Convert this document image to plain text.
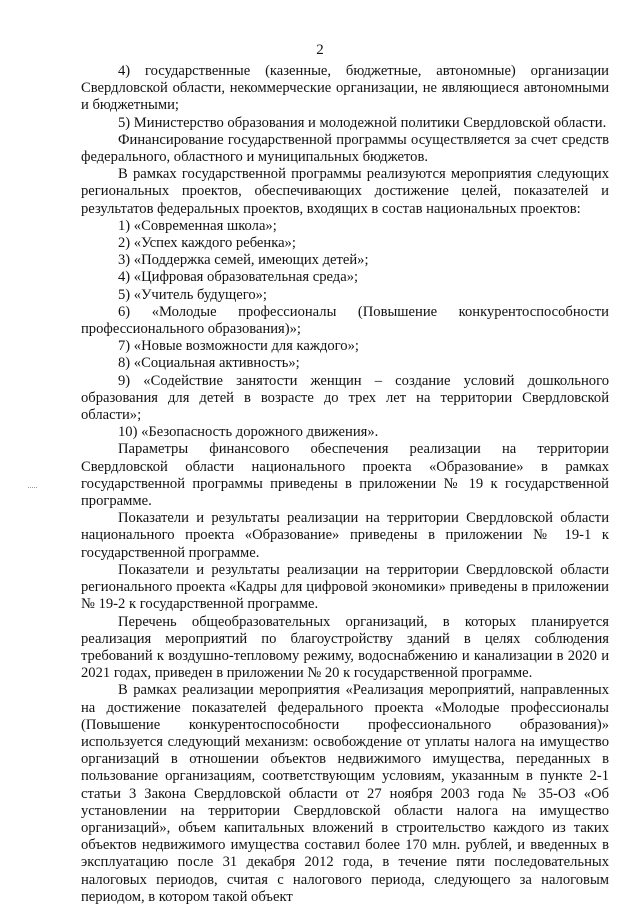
2

4) государственные (казенные, бюджетные, автономные) организации Свердловской области, некоммерческие организации, не являющиеся автономными и бюджетными;

5) Министерство образования и молодежной политики Свердловской области.

Финансирование государственной программы осуществляется за счет средств федерального, областного и муниципальных бюджетов.

В рамках государственной программы реализуются мероприятия следующих региональных проектов, обеспечивающих достижение целей, показателей и результатов федеральных проектов, входящих в состав национальных проектов:

1) «Современная школа»;

2) «Успех каждого ребенка»;

3) «Поддержка семей, имеющих детей»;

4) «Цифровая образовательная среда»;

5) «Учитель будущего»;

6) «Молодые профессионалы (Повышение конкурентоспособности профессионального образования)»;

7) «Новые возможности для каждого»;

8) «Социальная активность»;

9) «Содействие занятости женщин – создание условий дошкольного образования для детей в возрасте до трех лет на территории Свердловской области»;

10) «Безопасность дорожного движения».

Параметры финансового обеспечения реализации на территории Свердловской области национального проекта «Образование» в рамках государственной программы приведены в приложении № 19 к государственной программе.

Показатели и результаты реализации на территории Свердловской области национального проекта «Образование» приведены в приложении № 19-1 к государственной программе.

Показатели и результаты реализации на территории Свердловской области регионального проекта «Кадры для цифровой экономики» приведены в приложении № 19-2 к государственной программе.

Перечень общеобразовательных организаций, в которых планируется реализация мероприятий по благоустройству зданий в целях соблюдения требований к воздушно-тепловому режиму, водоснабжению и канализации в 2020 и 2021 годах, приведен в приложении № 20 к государственной программе.

В рамках реализации мероприятия «Реализация мероприятий, направленных на достижение показателей федерального проекта «Молодые профессионалы (Повышение конкурентоспособности профессионального образования)» используется следующий механизм: освобождение от уплаты налога на имущество организаций в отношении объектов недвижимого имущества, переданных в пользование организациям, соответствующим условиям, указанным в пункте 2-1 статьи 3 Закона Свердловской области от 27 ноября 2003 года № 35-ОЗ «Об установлении на территории Свердловской области налога на имущество организаций», объем капитальных вложений в строительство каждого из таких объектов недвижимого имущества составил более 170 млн. рублей, и введенных в эксплуатацию после 31 декабря 2012 года, в течение пяти последовательных налоговых периодов, считая с налогового периода, следующего за налоговым периодом, в котором такой объект
